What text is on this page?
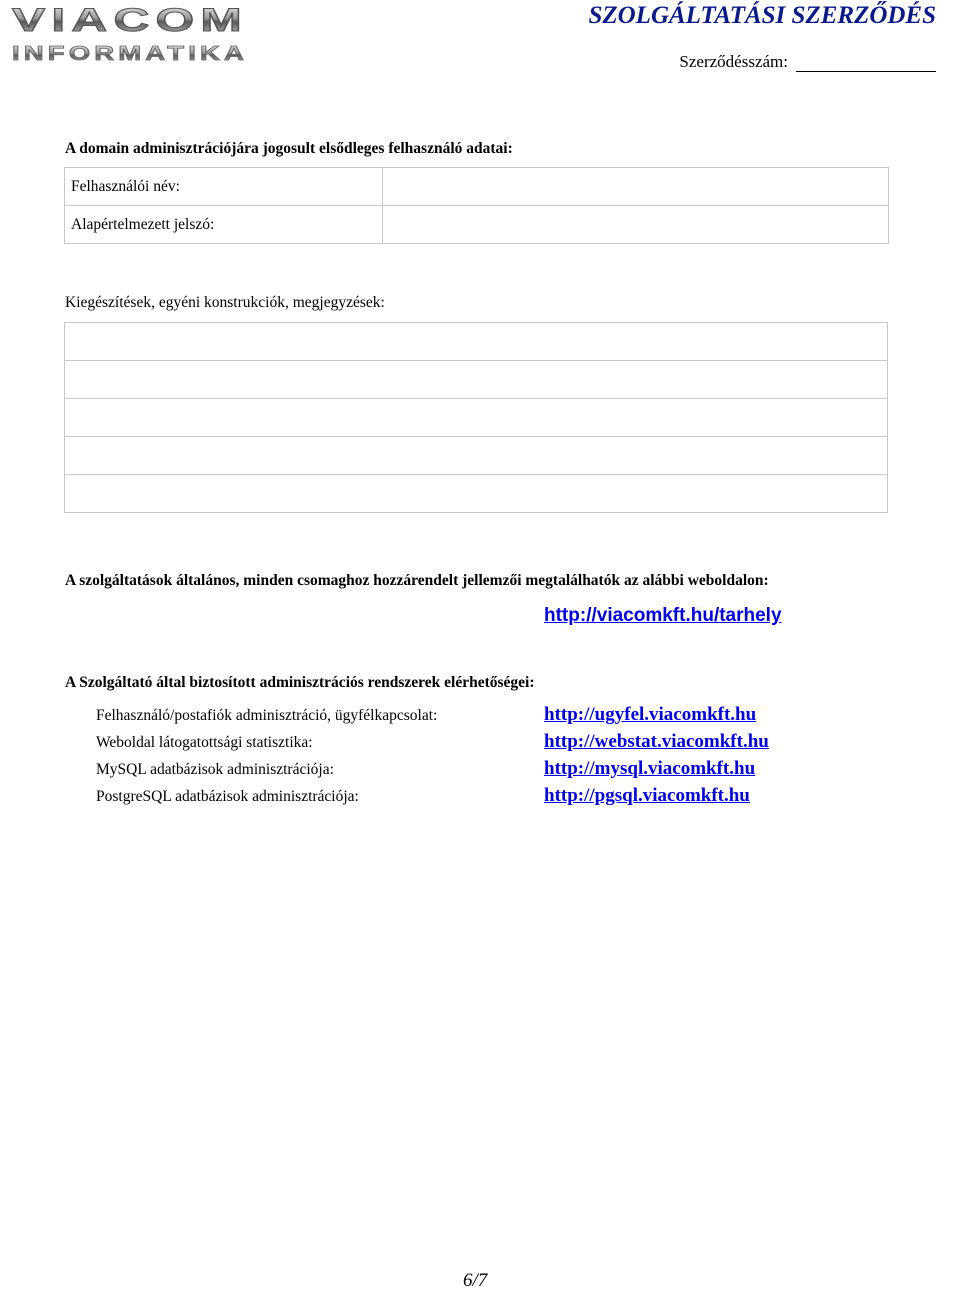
VIACOM
INFORMATIKA
SZOLGÁLTATÁSI SZERZŐDÉS
Szerződésszám:
A domain adminisztrációjára jogosult elsődleges felhasználó adatai:
Felhasználói név:	
Alapértelmezett jelszó:	
Kiegészítések, egyéni konstrukciók, megjegyzések:

A szolgáltatások általános, minden csomaghoz hozzárendelt jellemzői megtalálhatók az alábbi weboldalon:
http://viacomkft.hu/tarhely
A Szolgáltató által biztosított adminisztrációs rendszerek elérhetőségei:
Felhasználó/postafiók adminisztráció, ügyfélkapcsolat:	http://ugyfel.viacomkft.hu
Weboldal látogatottsági statisztika:	http://webstat.viacomkft.hu
MySQL adatbázisok adminisztrációja:	http://mysql.viacomkft.hu
PostgreSQL adatbázisok adminisztrációja:	http://pgsql.viacomkft.hu
6/7
